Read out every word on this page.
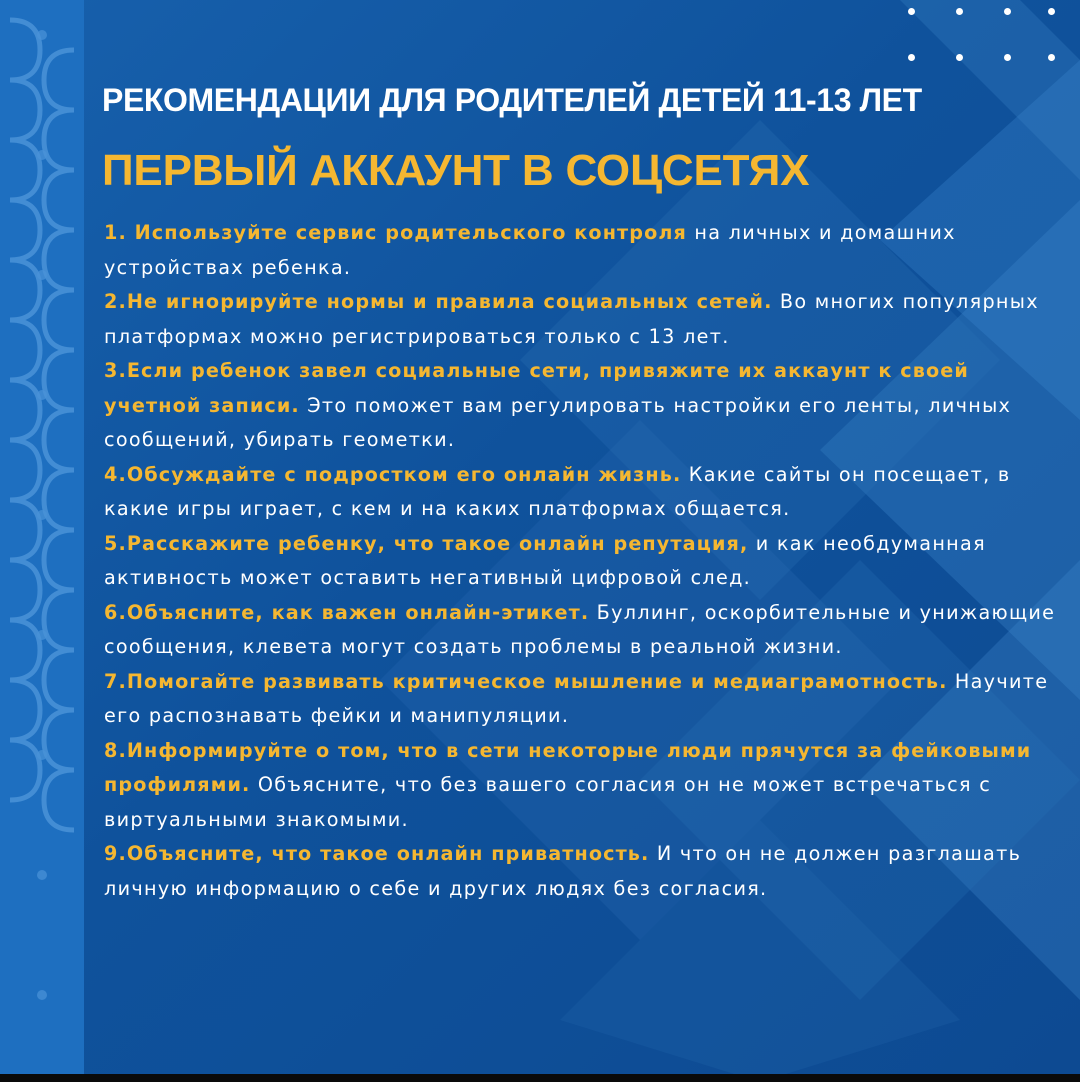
РЕКОМЕНДАЦИИ ДЛЯ РОДИТЕЛЕЙ ДЕТЕЙ 11-13 ЛЕТ
ПЕРВЫЙ АККАУНТ В СОЦСЕТЯХ

1. Используйте сервис родительского контроля на личных и домашних устройствах ребенка.

2.Не игнорируйте нормы и правила социальных сетей. Во многих популярных платформах можно регистрироваться только с 13 лет.

3.Если ребенок завел социальные сети, привяжите их аккаунт к своей учетной записи. Это поможет вам регулировать настройки его ленты, личных сообщений, убирать геометки.

4.Обсуждайте с подростком его онлайн жизнь. Какие сайты он посещает, в какие игры играет, с кем и на каких платформах общается.

5.Расскажите ребенку, что такое онлайн репутация, и как необдуманная активность может оставить негативный цифровой след.

6.Объясните, как важен онлайн-этикет. Буллинг, оскорбительные и унижающие сообщения, клевета могут создать проблемы в реальной жизни.

7.Помогайте развивать критическое мышление и медиаграмотность. Научите его распознавать фейки и манипуляции.

8.Информируйте о том, что в сети некоторые люди прячутся за фейковыми профилями. Объясните, что без вашего согласия он не может встречаться с виртуальными знакомыми.

9.Объясните, что такое онлайн приватность. И что он не должен разглашать личную информацию о себе и других людях без согласия.
